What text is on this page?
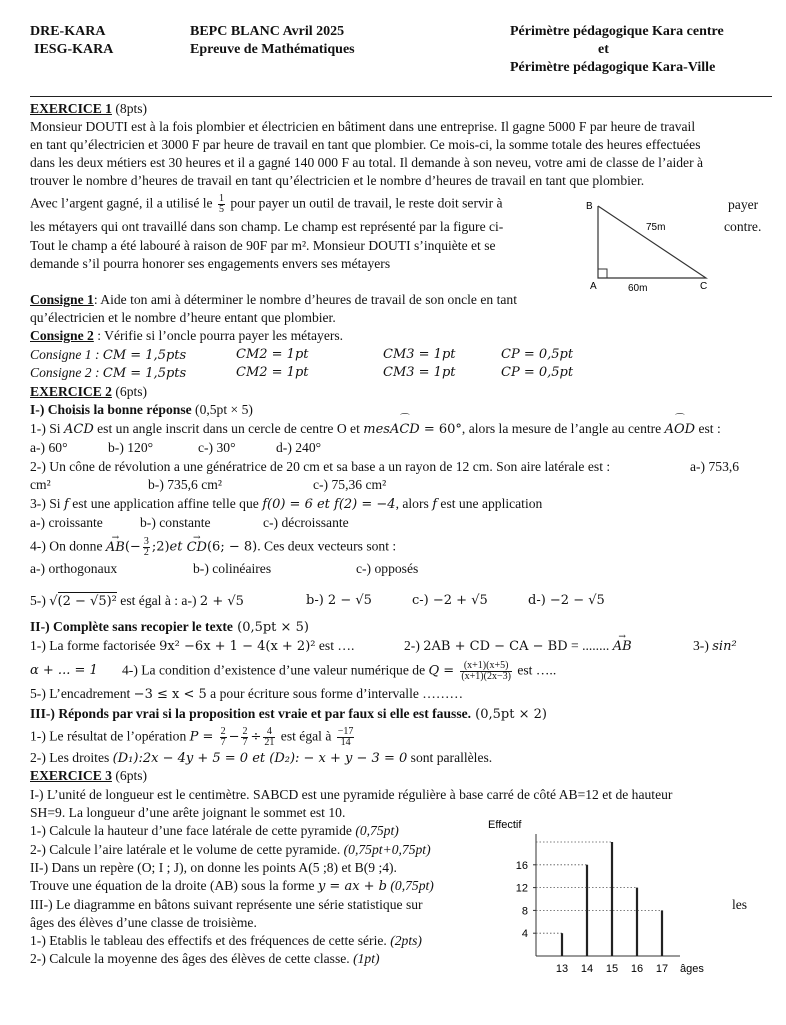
DRE-KARA
IESG-KARA
BEPC BLANC Avril 2025
Epreuve de Mathématiques
Périmètre pédagogique Kara centre
et
Périmètre pédagogique Kara-Ville
EXERCICE 1 (8pts)
Monsieur DOUTI est à la fois plombier et électricien en bâtiment dans une entreprise. Il gagne 5000 F par heure de travail
en tant qu’électricien et 3000 F par heure de travail en tant que plombier. Ce mois-ci, la somme totale des heures effectuées
dans les deux métiers est 30 heures et il a gagné 140 000 F au total. Il demande à son neveu, votre ami de classe de l’aider à
trouver le nombre d’heures de travail en tant qu’électricien et le nombre d’heures de travail en tant que plombier.
Avec l’argent gagné, il a utilisé le $\frac{1}{5}$ pour payer un outil de travail, le reste doit servir à	payer
les métayers qui ont travaillé dans son champ. Le champ est représenté par la figure ci-	contre.
Tout le champ a été labouré à raison de 90F par m². Monsieur DOUTI s’inquiète et se
demande s’il pourra honorer ses engagements envers ses métayers
B
A	C
75m
60m
Consigne 1: Aide ton ami à déterminer le nombre d’heures de travail de son oncle en tant
qu’électricien et le nombre d’heure entant que plombier.
Consigne 2 : Vérifie si l’oncle pourra payer les métayers.
Consigne 1 : CM = 1,5pts	CM2 = 1pt	CM3 = 1pt	CP = 0,5pt
Consigne 2 : CM = 1,5pts	CM2 = 1pt	CM3 = 1pt	CP = 0,5pt
EXERCICE 2 (6pts)
I-) Choisis la bonne réponse (0,5pt × 5)
1-) Si ⌒ ACD est un angle inscrit dans un cercle de centre O et mes⌒ ACD = 60°, alors la mesure de l’angle au centre ⌒ AOD est :
a-) 60°	b-) 120°	c-) 30°	d-) 240°
2-) Un cône de révolution a une génératrice de 20 cm et sa base a un rayon de 12 cm. Son aire latérale est :	a-) 753,6
cm²	b-) 735,6 cm²	c-) 75,36 cm²
3-) Si f est une application affine telle que f(0) = 6 et f(2) = −4, alors f est une application
a-) croissante	b-) constante	c-) décroissante
4-) On donne → $AB(- \frac{3}{2}$ ;2)et → CD(6; − 8). Ces deux vecteurs sont :
a-) orthogonaux	b-) colinéaires	c-) opposés
5-) √(2 − √5)² est égal à : a-) 2 + √5	b-) 2 − √5	c-) −2 + √5	d-) −2 − √5
II-) Complète sans recopier le texte (0,5pt × 5)
1-) La forme factorisée 9x² −6x + 1 − 4(x + 2)² est ….	2-) 2AB + CD − CA − BD = ........ → AB	3-) sin²
α + ... = 1 4-) La condition d’existence d’une valeur numérique de $Q = \frac{(x+1)(x+5)}{(x+1)(2x-3)}$ est …..
5-) L’encadrement −3 ≤ x < 5 a pour écriture sous forme d’intervalle ………
III-) Réponds par vrai si la proposition est vraie et par faux si elle est fausse. (0,5pt × 2)
1-) Le résultat de l’opération $P = \frac{2}{7} - \frac{2}{7} \div \frac{4}{21}$ est égal à $\frac{-17}{14}$
2-) Les droites (D₁):2x − 4y + 5 = 0 et (D₂): − x + y − 3 = 0 sont parallèles.
EXERCICE 3 (6pts)
I-) L’unité de longueur est le centimètre. SABCD est une pyramide régulière à base carré de côté AB=12 et de hauteur
SH=9. La longueur d’une arête joignant le sommet est 10.
1-) Calcule la hauteur d’une face latérale de cette pyramide (0,75pt)
2-) Calcule l’aire latérale et le volume de cette pyramide. (0,75pt+0,75pt)
II-) Dans un repère (O; I ; J), on donne les points A(5 ;8) et B(9 ;4).
Trouve une équation de la droite (AB) sous la forme y = ax + b (0,75pt)
III-) Le diagramme en bâtons suivant représente une série statistique sur	les
âges des élèves d’une classe de troisième.
1-) Etablis le tableau des effectifs et des fréquences de cette série. (2pts)
2-) Calcule la moyenne des âges des élèves de cette classe. (1pt)
Effectif
âges
4
8
12
16
13 14 15 16 17
